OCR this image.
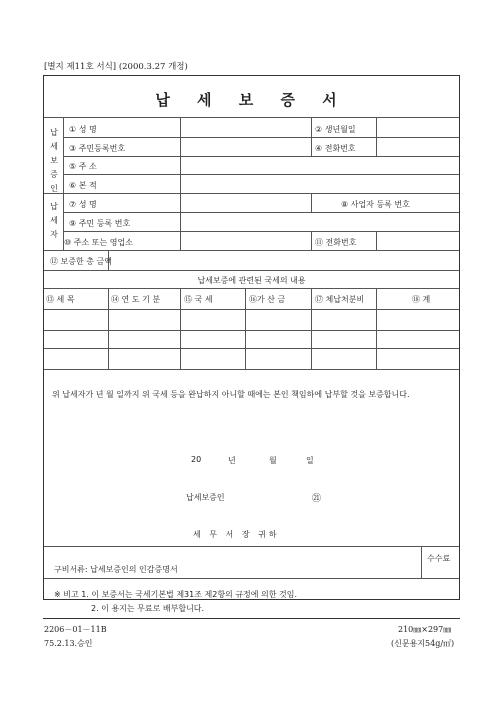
[별지 제11호 서식] (2000.3.27 개정)
납 세 보 증 서
납세보증인
납세자
① 성 명	② 생년월일
③ 주민등록번호	④ 전화번호
⑤ 주 소
⑥ 본 적
⑦ 성 명	⑧ 사업자 등록 번호
⑨ 주민 등록 번호
⑩ 주소 또는 영업소	⑪ 전화번호
⑫ 보증한 총 금액
납세보증에 관련된 국세의 내용
⑬ 세 목	⑭ 연 도 기 분	⑮ 국 세	⑯가 산 금	⑰ 체납처분비	⑱ 계
위 납세자가 년 월 일까지 위 국세 등을 완납하지 아니할 때에는 본인 책임하에 납부할 것을 보증합니다.
20	년	월	일
납세보증인	㉑
세 무 서 장 귀하
수수료
구비서류: 납세보증인의 인감증명서
※ 비고 1. 이 보증서는 국세기본법 제31조 제2항의 규정에 의한 것임.
2. 이 용지는 무료로 배부합니다.
2206－01－11B
75.2.13.승인
210㎜×297㎜
(신문용지54g/㎡)
